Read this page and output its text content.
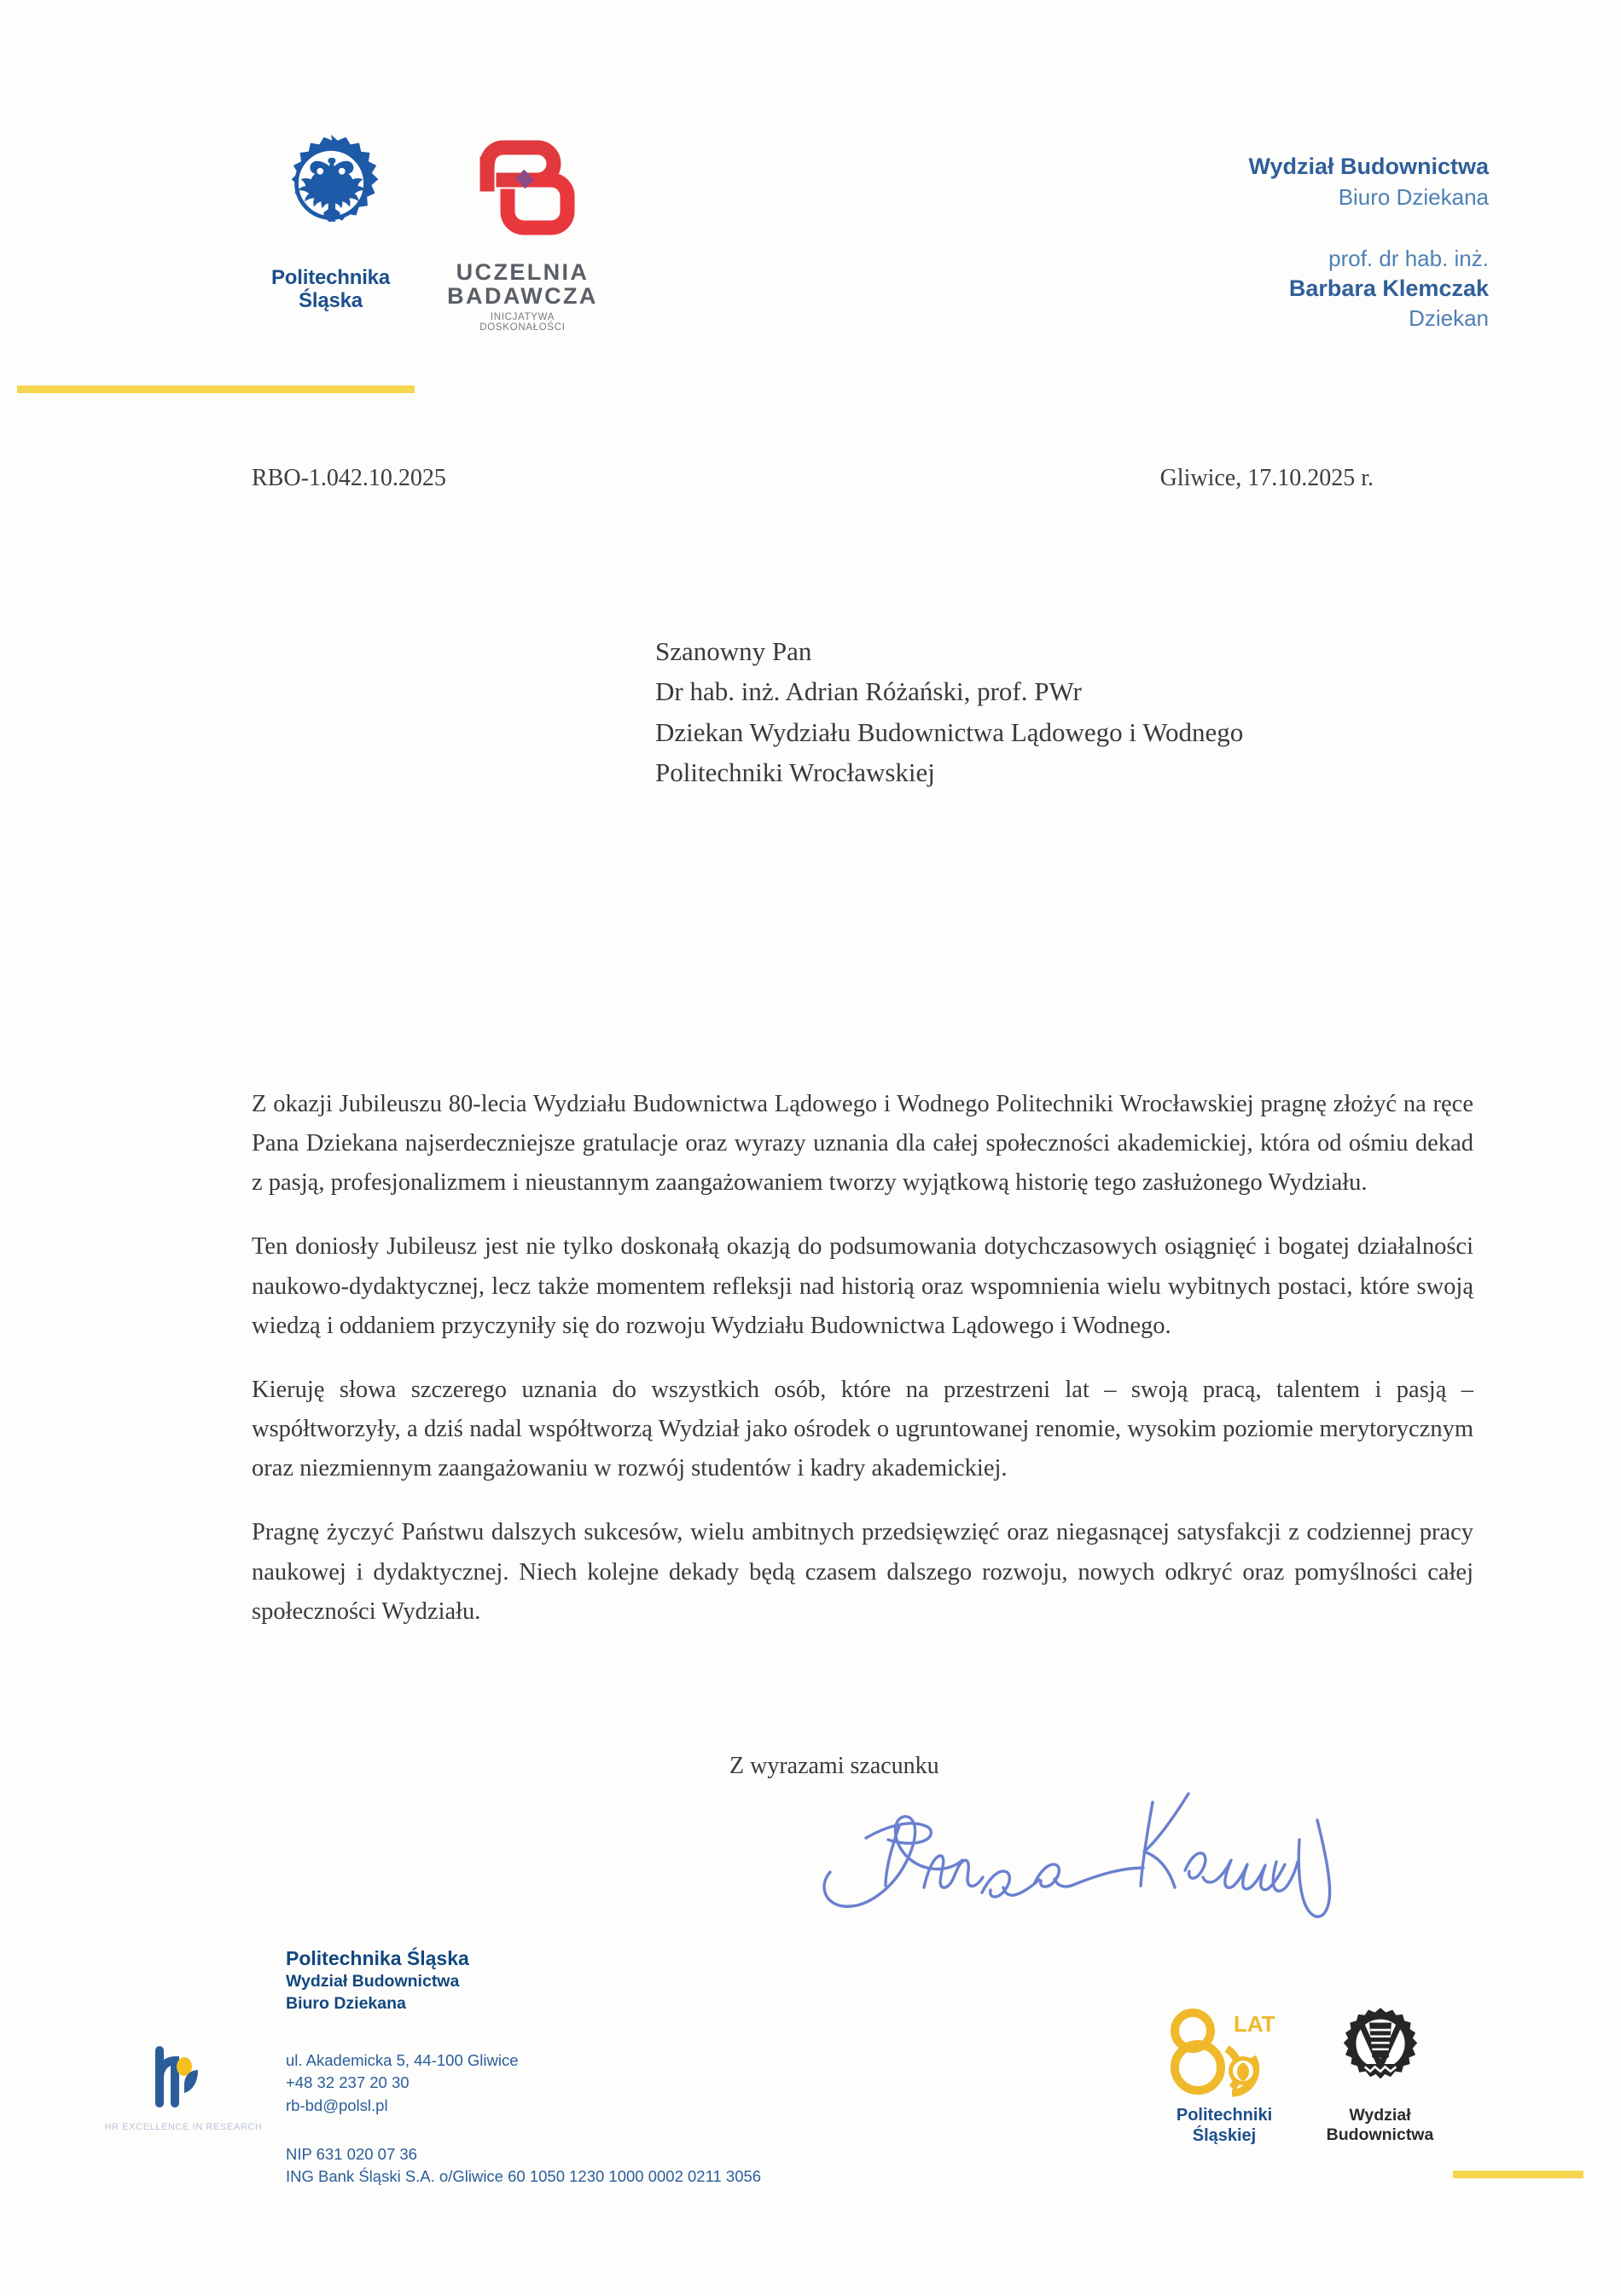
Politechnika
Śląska
UCZELNIA
BADAWCZA
INICJATYWA DOSKONAŁOŚCI
Wydział Budownictwa
Biuro Dziekana
prof. dr hab. inż.
Barbara Klemczak
Dziekan
RBO-1.042.10.2025	Gliwice, 17.10.2025 r.
Szanowny Pan
Dr hab. inż. Adrian Różański, prof. PWr
Dziekan Wydziału Budownictwa Lądowego i Wodnego
Politechniki Wrocławskiej

Z okazji Jubileuszu 80-lecia Wydziału Budownictwa Lądowego i Wodnego Politechniki Wrocławskiej pragnę złożyć na ręce Pana Dziekana najserdeczniejsze gratulacje oraz wyrazy uznania dla całej społeczności akademickiej, która od ośmiu dekad z pasją, profesjonalizmem i nieustannym zaangażowaniem tworzy wyjątkową historię tego zasłużonego Wydziału.

Ten doniosły Jubileusz jest nie tylko doskonałą okazją do podsumowania dotychczasowych osiągnięć i bogatej działalności naukowo-dydaktycznej, lecz także momentem refleksji nad historią oraz wspomnienia wielu wybitnych postaci, które swoją wiedzą i oddaniem przyczyniły się do rozwoju Wydziału Budownictwa Lądowego i Wodnego.

Kieruję słowa szczerego uznania do wszystkich osób, które na przestrzeni lat – swoją pracą, talentem i pasją – współtworzyły, a dziś nadal współtworzą Wydział jako ośrodek o ugruntowanej renomie, wysokim poziomie merytorycznym oraz niezmiennym zaangażowaniu w rozwój studentów i kadry akademickiej.

Pragnę życzyć Państwu dalszych sukcesów, wielu ambitnych przedsięwzięć oraz niegasnącej satysfakcji z codziennej pracy naukowej i dydaktycznej. Niech kolejne dekady będą czasem dalszego rozwoju, nowych odkryć oraz pomyślności całej społeczności Wydziału.

Z wyrazami szacunku
Politechnika Śląska
Wydział Budownictwa
Biuro Dziekana
ul. Akademicka 5, 44-100 Gliwice
+48 32 237 20 30
rb-bd@polsl.pl
NIP 631 020 07 36
ING Bank Śląski S.A. o/Gliwice 60 1050 1230 1000 0002 0211 3056
HR EXCELLENCE IN RESEARCH
LAT
Politechniki
Śląskiej
Wydział
Budownictwa
